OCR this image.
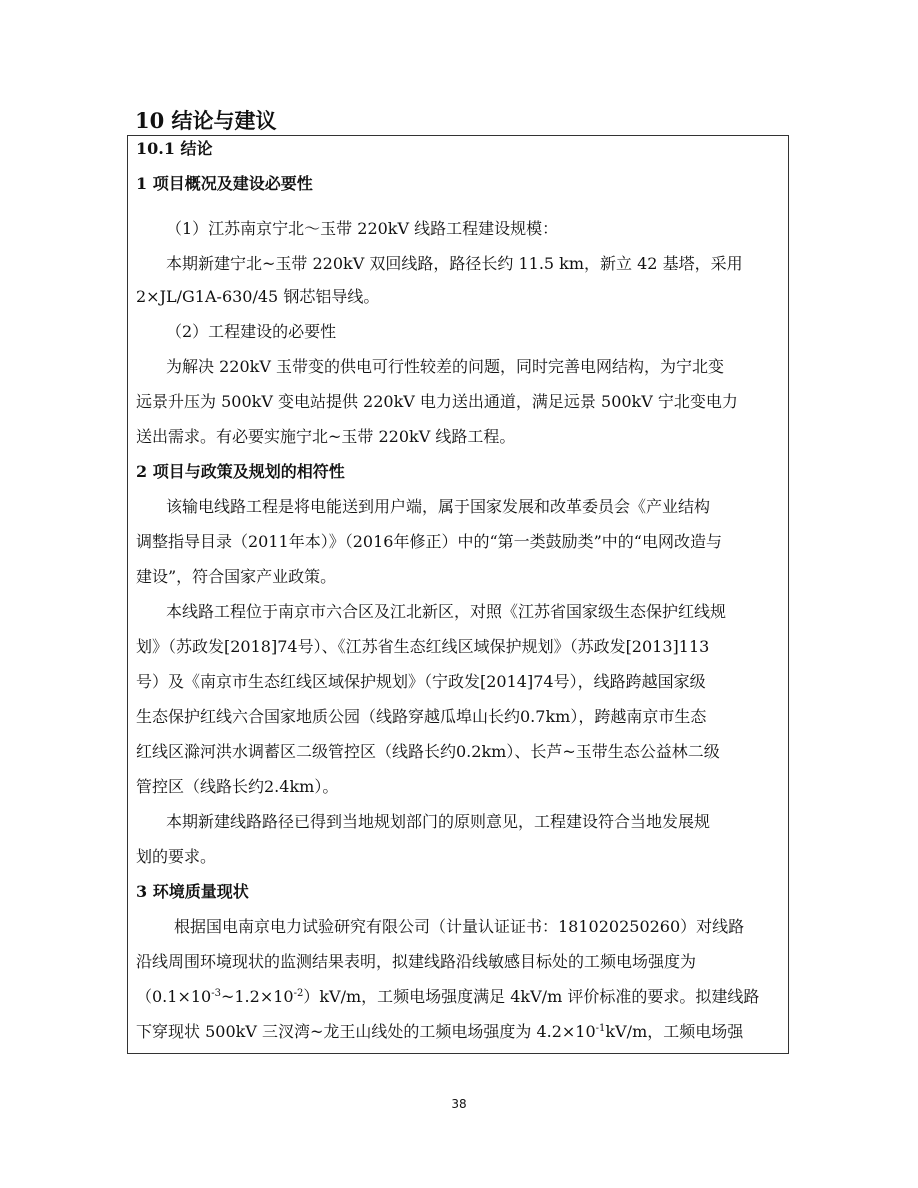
10 结论与建议
10.1 结论
1 项目概况及建设必要性
（1）江苏南京宁北～玉带 220kV 线路工程建设规模：
本期新建宁北~玉带 220kV 双回线路，路径长约 11.5 km，新立 42 基塔，采用
2×JL/G1A-630/45 钢芯铝导线。
（2）工程建设的必要性
为解决 220kV 玉带变的供电可行性较差的问题，同时完善电网结构，为宁北变
远景升压为 500kV 变电站提供 220kV 电力送出通道，满足远景 500kV 宁北变电力
送出需求。有必要实施宁北~玉带 220kV 线路工程。
2 项目与政策及规划的相符性
该输电线路工程是将电能送到用户端，属于国家发展和改革委员会《产业结构
调整指导目录（2011年本）》（2016年修正）中的“第一类鼓励类”中的“电网改造与
建设”，符合国家产业政策。
本线路工程位于南京市六合区及江北新区，对照《江苏省国家级生态保护红线规
划》（苏政发[2018]74号）、《江苏省生态红线区域保护规划》（苏政发[2013]113
号）及《南京市生态红线区域保护规划》（宁政发[2014]74号），线路跨越国家级
生态保护红线六合国家地质公园（线路穿越瓜埠山长约0.7km），跨越南京市生态
红线区滁河洪水调蓄区二级管控区（线路长约0.2km）、长芦~玉带生态公益林二级
管控区（线路长约2.4km）。
本期新建线路路径已得到当地规划部门的原则意见，工程建设符合当地发展规
划的要求。
3 环境质量现状
根据国电南京电力试验研究有限公司（计量认证证书：181020250260）对线路
沿线周围环境现状的监测结果表明，拟建线路沿线敏感目标处的工频电场强度为
$(0.1\times 10^{-3}\sim 1.2\times 10^{-2})kV/m$，工频电场强度满足 4kV/m 评价标准的要求。拟建线路
下穿现状 500kV 三汊湾~龙王山线处的工频电场强度为 $4.2\times 10^{-1}kV/m$，工频电场强
38
